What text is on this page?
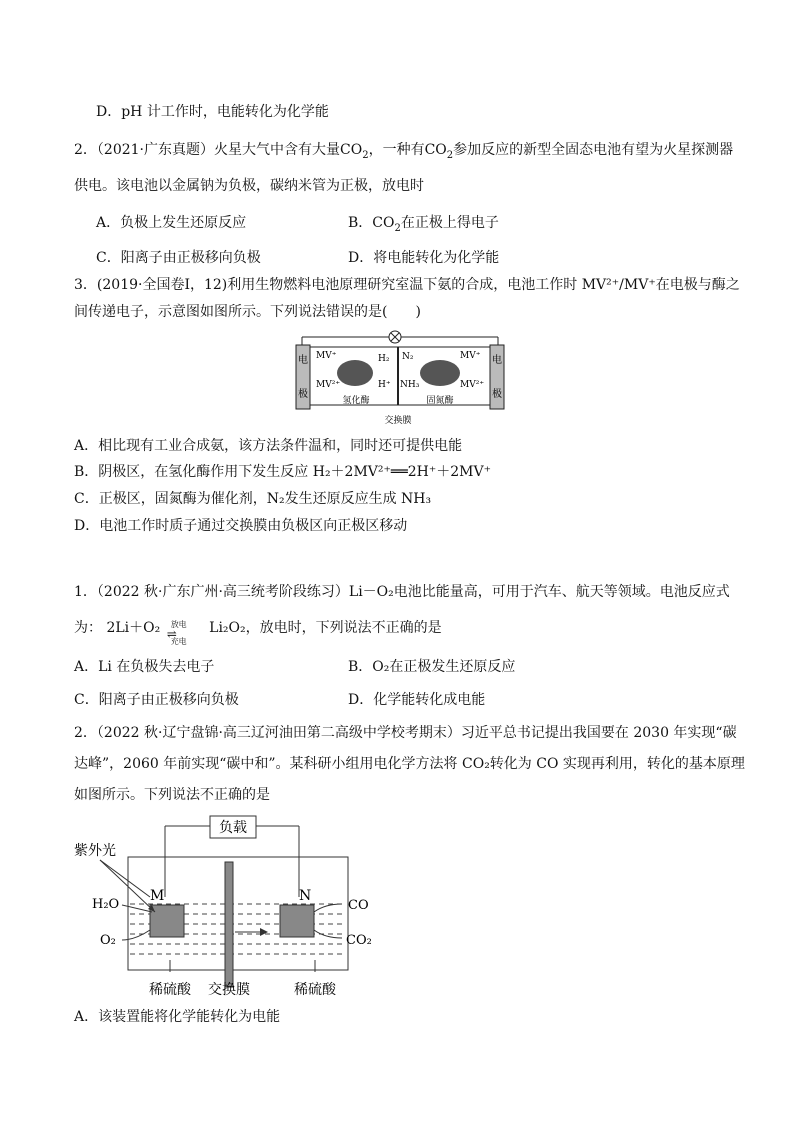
D．pH 计工作时，电能转化为化学能
2．（2021·广东真题）火星大气中含有大量$CO_2$，一种有$CO_2$参加反应的新型全固态电池有望为火星探测器
供电。该电池以金属钠为负极，碳纳米管为正极，放电时
A．负极上发生还原反应	B．$CO_2$在正极上得电子
C．阳离子由正极移向负极	D．将电能转化为化学能
3．(2019·全国卷Ⅰ，12)利用生物燃料电池原理研究室温下氨的合成，电池工作时 MV²⁺/MV⁺在电极与酶之
间传递电子，示意图如图所示。下列说法错误的是(　　)
电
极
电
极
MV⁺
MV²⁺
H₂
H⁺
N₂
NH₃
MV⁺
MV²⁺
氢化酶	固氮酶
交换膜
A．相比现有工业合成氨，该方法条件温和，同时还可提供电能
B．阴极区，在氢化酶作用下发生反应 H₂＋2MV²⁺══2H⁺＋2MV⁺
C．正极区，固氮酶为催化剂，N₂发生还原反应生成 NH₃
D．电池工作时质子通过交换膜由负极区向正极区移动
1．（2022 秋·广东广州·高三统考阶段练习）Li－O₂电池比能量高，可用于汽车、航天等领域。电池反应式
为： 2Li＋O₂ 放电
⇌
充电
Li₂O₂，放电时，下列说法不正确的是
A．Li 在负极失去电子	B．O₂在正极发生还原反应
C．阳离子由正极移向负极	D．化学能转化成电能
2．（2022 秋·辽宁盘锦·高三辽河油田第二高级中学校考期末）习近平总书记提出我国要在 2030 年实现“碳
达峰”，2060 年前实现“碳中和”。某科研小组用电化学方法将 CO₂转化为 CO 实现再利用，转化的基本原理
如图所示。下列说法不正确的是
负载
M	N
紫外光
H₂O
O₂
CO
CO₂
稀硫酸 交换膜	稀硫酸
A．该装置能将化学能转化为电能
